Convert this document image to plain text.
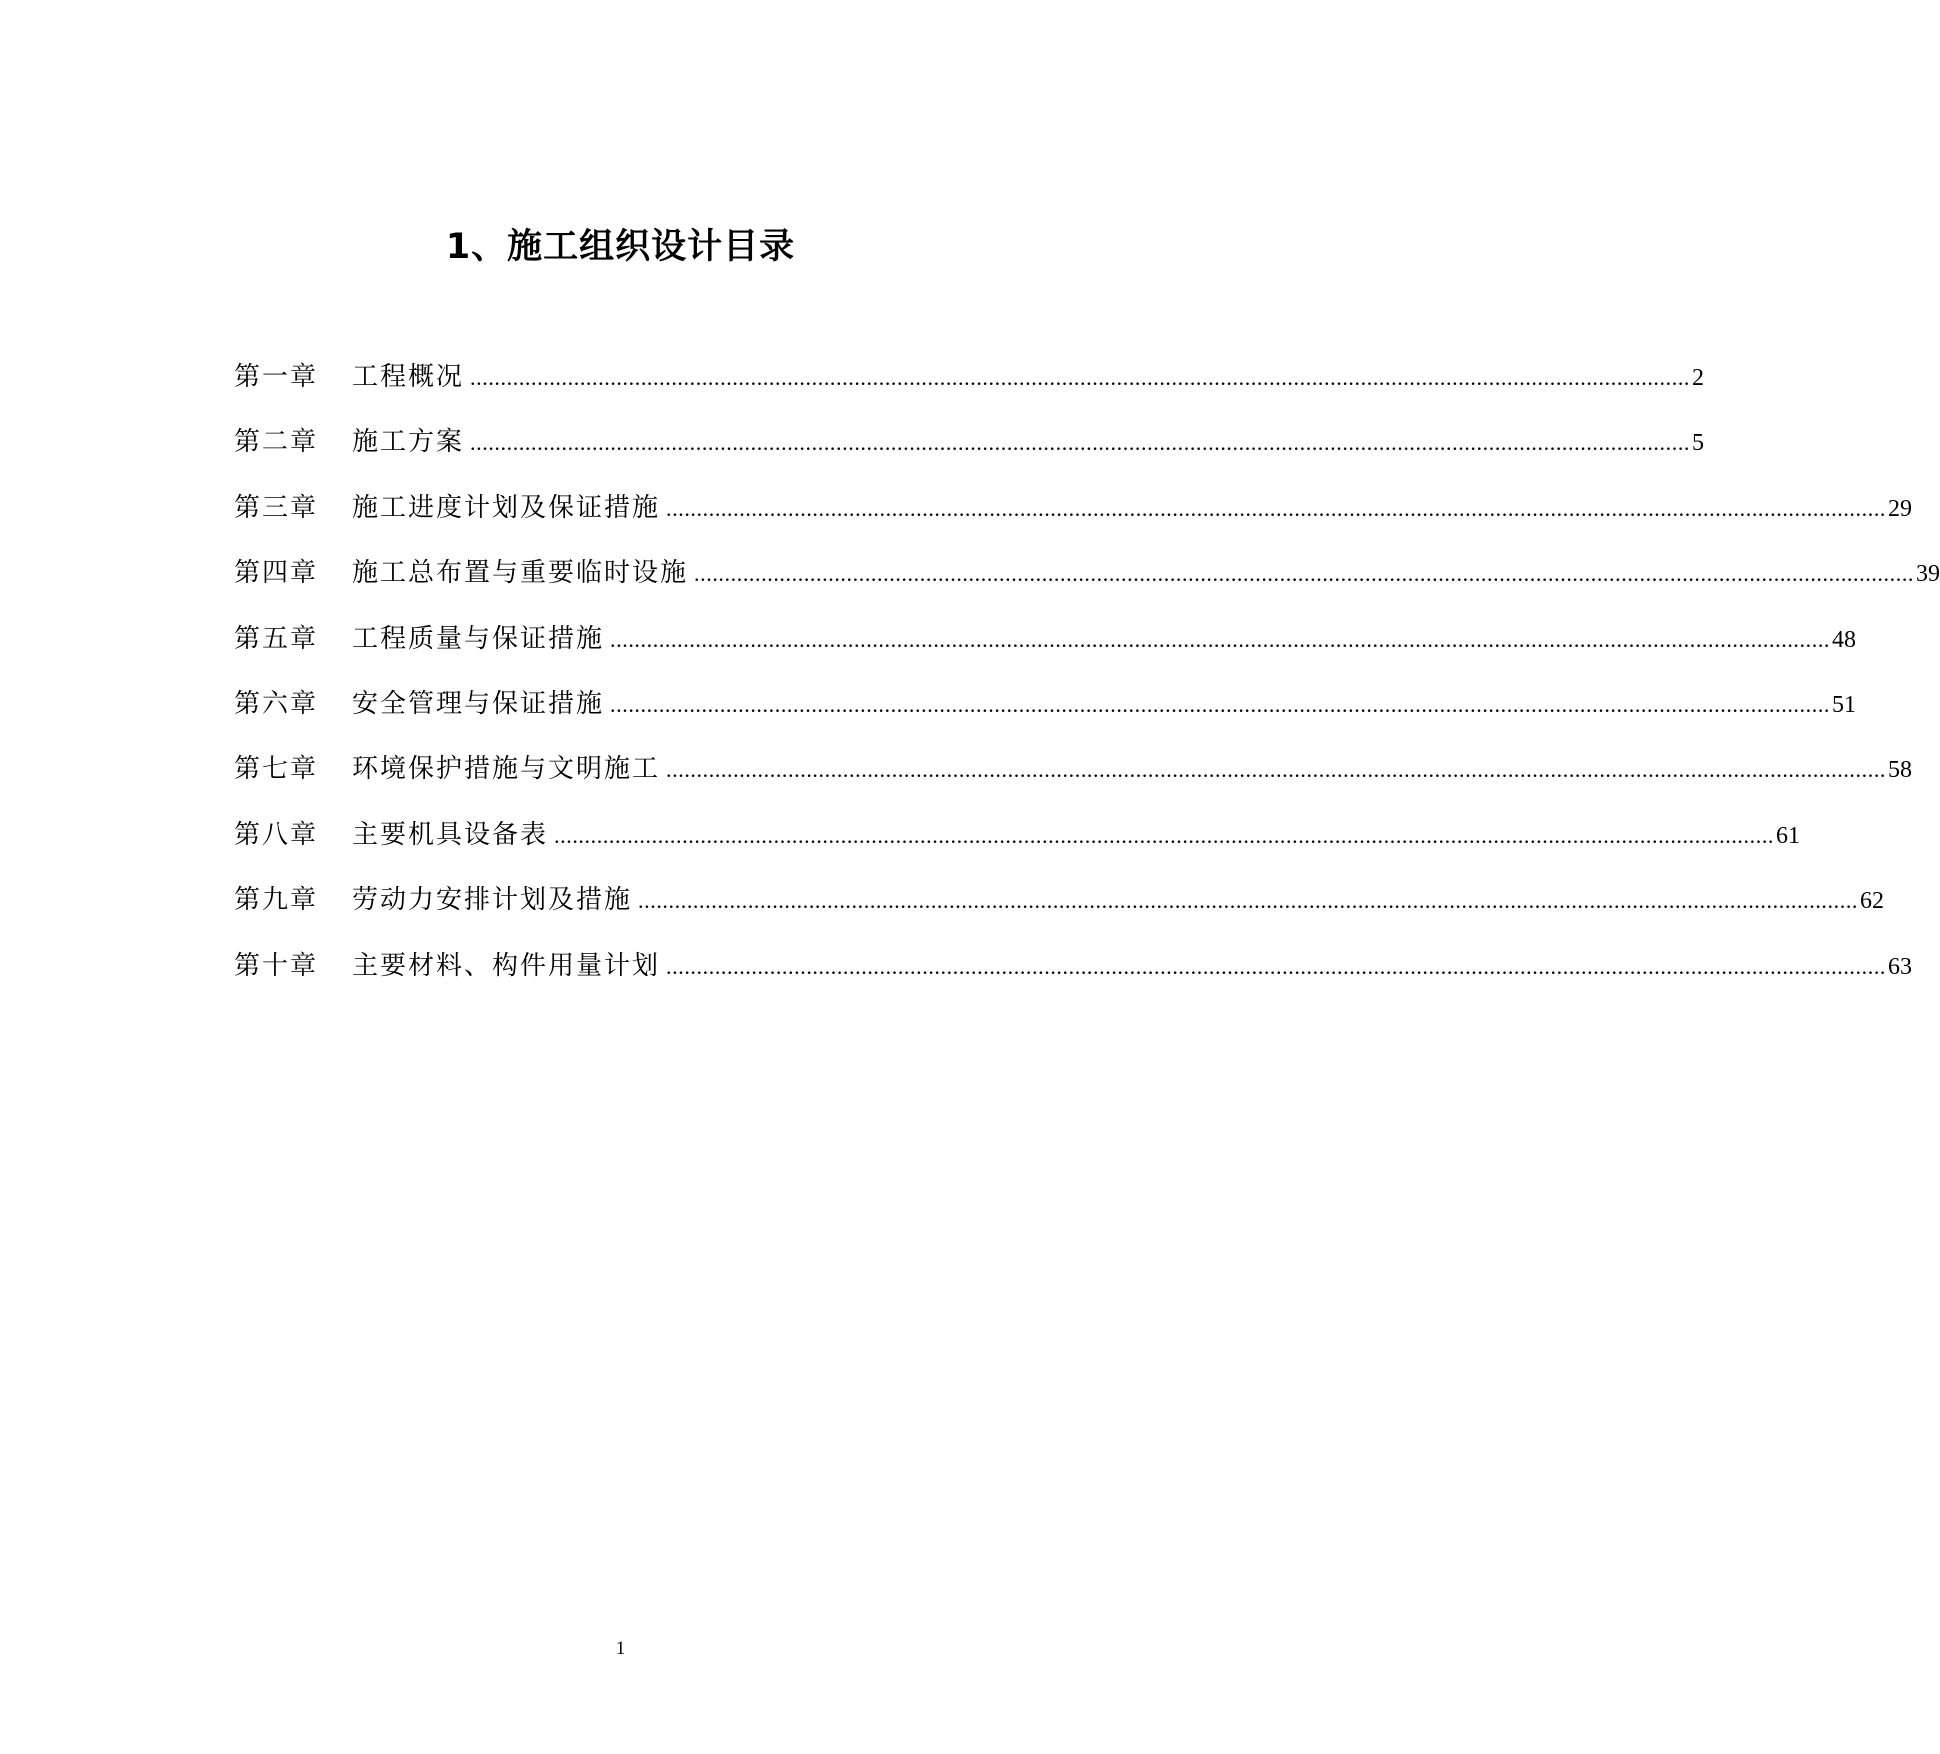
1、施工组织设计目录
第一章	工程概况 ........................................................................................................................................................................................................ 2
第二章	施工方案 ........................................................................................................................................................................................................ 5
第三章	施工进度计划及保证措施 ........................................................................................................................................................................................................ 29
第四章	施工总布置与重要临时设施 ........................................................................................................................................................................................................ 39
第五章	工程质量与保证措施 ........................................................................................................................................................................................................ 48
第六章	安全管理与保证措施 ........................................................................................................................................................................................................ 51
第七章	环境保护措施与文明施工 ........................................................................................................................................................................................................ 58
第八章	主要机具设备表 ........................................................................................................................................................................................................ 61
第九章	劳动力安排计划及措施 ........................................................................................................................................................................................................ 62
第十章	主要材料、构件用量计划 ........................................................................................................................................................................................................ 63
1
